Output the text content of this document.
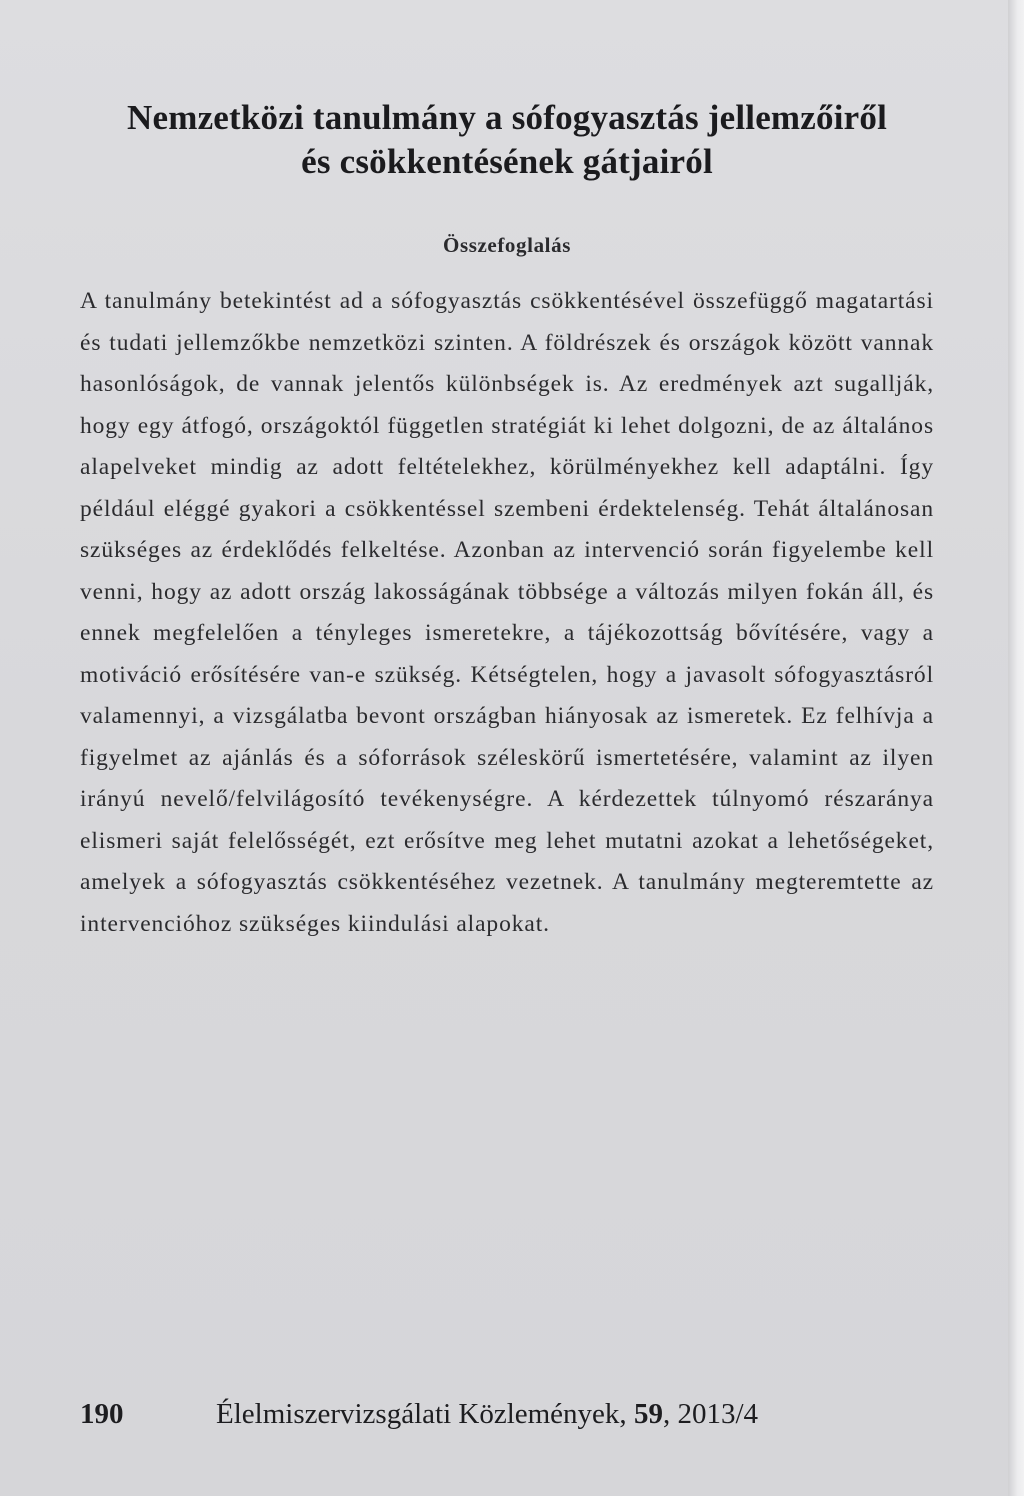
Nemzetközi tanulmány a sófogyasztás jellemzőiről
és csökkentésének gátjairól
Összefoglalás

A tanulmány betekintést ad a sófogyasztás csökkentésével összefüggő magatartási és tudati jellemzőkbe nemzetközi szinten. A földrészek és országok között vannak hasonlóságok, de vannak jelentős különbségek is. Az eredmények azt sugallják, hogy egy átfogó, országoktól független stratégiát ki lehet dolgozni, de az általános alapelveket mindig az adott feltételekhez, körülményekhez kell adaptálni. Így például eléggé gyakori a csökkentéssel szembeni érdektelenség. Tehát általánosan szükséges az érdeklődés felkeltése. Azonban az intervenció során figyelembe kell venni, hogy az adott ország lakosságának többsége a változás milyen fokán áll, és ennek megfelelően a tényleges ismeretekre, a tájékozottság bővítésére, vagy a motiváció erősítésére van-e szükség. Kétségtelen, hogy a javasolt sófogyasztásról valamennyi, a vizsgálatba bevont országban hiányosak az ismeretek. Ez felhívja a figyelmet az ajánlás és a sóforrások széleskörű ismertetésére, valamint az ilyen irányú nevelő/felvilágosító tevékenységre. A kérdezettek túlnyomó részaránya elismeri saját felelősségét, ezt erősítve meg lehet mutatni azokat a lehetőségeket, amelyek a sófogyasztás csökkentéséhez vezetnek. A tanulmány megteremtette az intervencióhoz szükséges kiindulási alapokat.

190	Élelmiszervizsgálati Közlemények, 59, 2013/4
